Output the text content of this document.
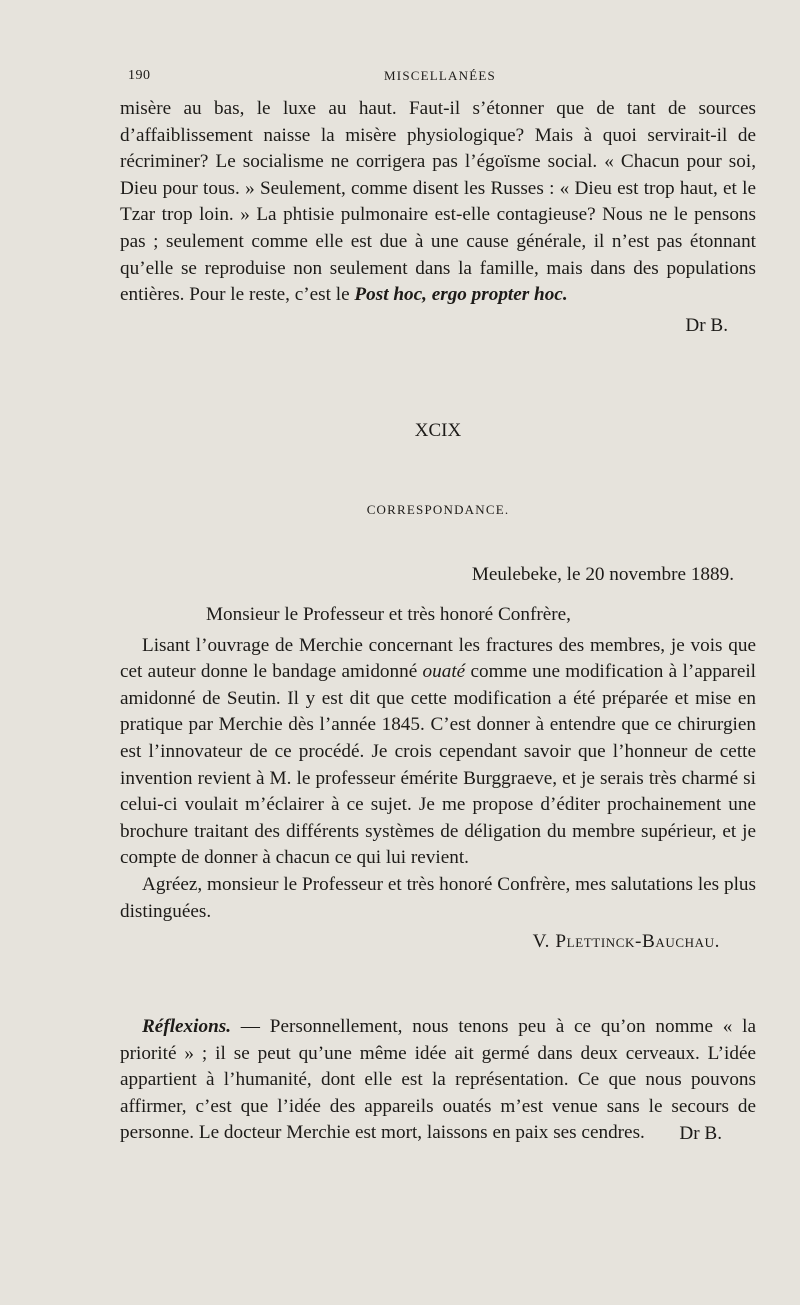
190	MISCELLANÉES

misère au bas, le luxe au haut. Faut-il s’étonner que de tant de sources d’affaiblissement naisse la misère physiologique? Mais à quoi servirait-il de récriminer? Le socialisme ne corrigera pas l’égoïsme social. « Chacun pour soi, Dieu pour tous. » Seulement, comme disent les Russes : « Dieu est trop haut, et le Tzar trop loin. » La phtisie pulmonaire est-elle contagieuse? Nous ne le pensons pas ; seulement comme elle est due à une cause générale, il n’est pas étonnant qu’elle se reproduise non seulement dans la famille, mais dans des populations entières. Pour le reste, c’est le Post hoc, ergo propter hoc.

Dr B.

XCIX
CORRESPONDANCE.
Meulebeke, le 20 novembre 1889.

Monsieur le Professeur et très honoré Confrère,

Lisant l’ouvrage de Merchie concernant les fractures des membres, je vois que cet auteur donne le bandage amidonné ouaté comme une modification à l’appareil amidonné de Seutin. Il y est dit que cette modification a été préparée et mise en pratique par Merchie dès l’année 1845. C’est donner à entendre que ce chirurgien est l’innovateur de ce procédé. Je crois cependant savoir que l’honneur de cette invention revient à M. le professeur émérite Burggraeve, et je serais très charmé si celui-ci voulait m’éclairer à ce sujet. Je me propose d’éditer prochainement une brochure traitant des différents systèmes de déligation du membre supérieur, et je compte de donner à chacun ce qui lui revient.

Agréez, monsieur le Professeur et très honoré Confrère, mes salutations les plus distinguées.

V. Plettinck-Bauchau.

Réflexions. — Personnellement, nous tenons peu à ce qu’on nomme « la priorité » ; il se peut qu’une même idée ait germé dans deux cerveaux. L’idée appartient à l’humanité, dont elle est la représentation. Ce que nous pouvons affirmer, c’est que l’idée des appareils ouatés m’est venue sans le secours de personne. Le docteur Merchie est mort, laissons en paix ses cendres.	Dr B.
